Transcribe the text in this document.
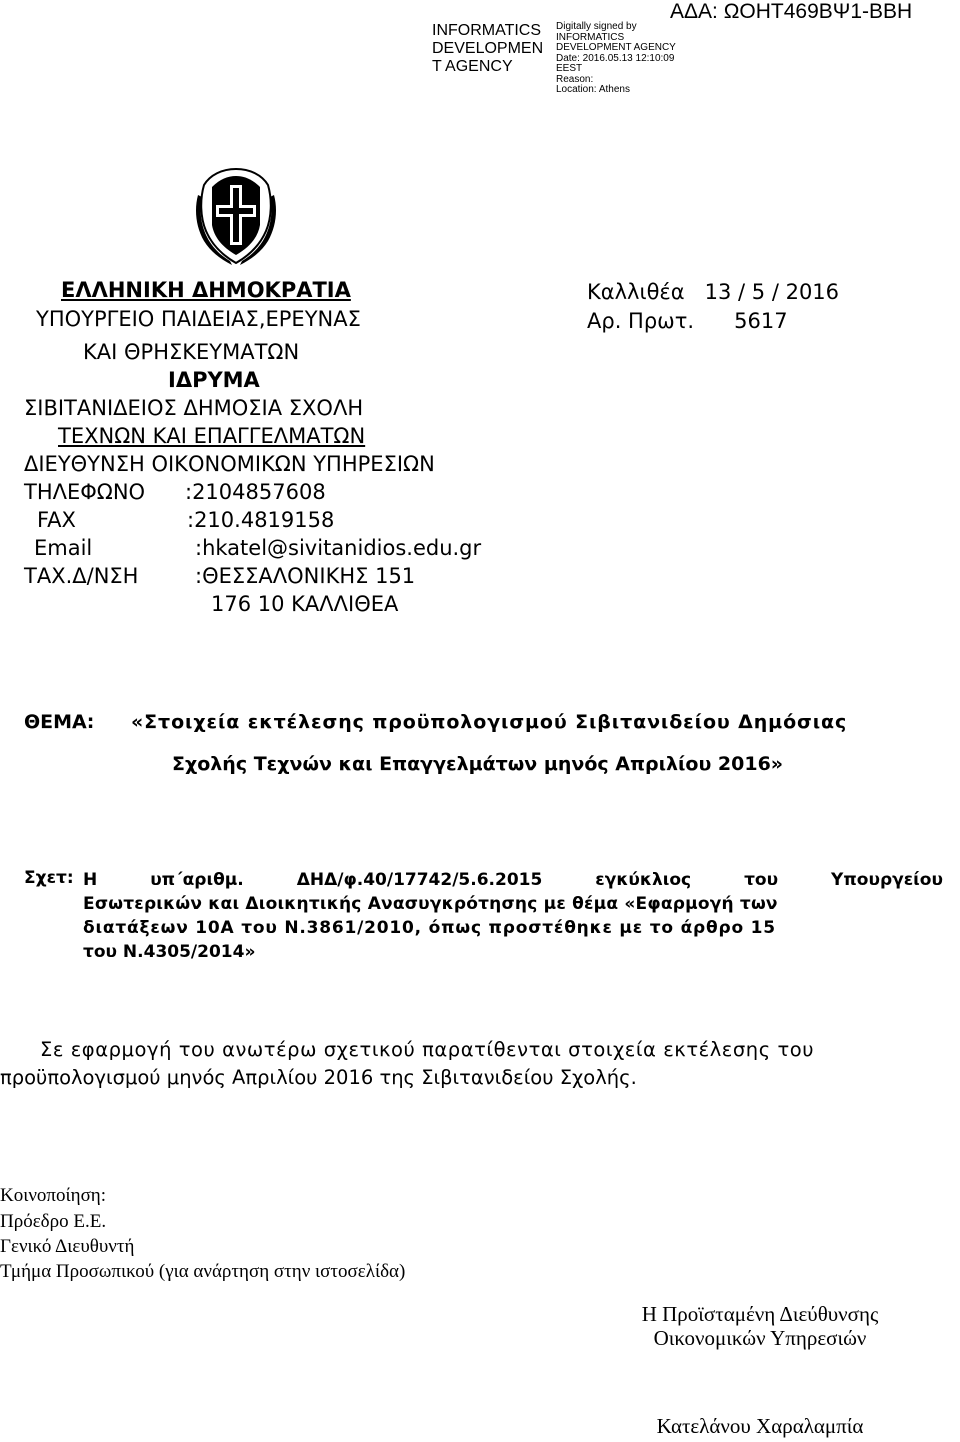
INFORMATICS
DEVELOPMEN
T AGENCY
Digitally signed by
INFORMATICS
DEVELOPMENT AGENCY
Date: 2016.05.13 12:10:09
EEST
Reason:
Location: Athens
ΑΔΑ: ΩΟΗΤ469ΒΨ1-ΒΒΗ
ΕΛΛΗΝΙΚΗ ΔΗΜΟΚΡΑΤΙΑ
ΥΠΟΥΡΓΕΙΟ ΠΑΙΔΕΙΑΣ,ΕΡΕΥΝΑΣ
ΚΑΙ ΘΡΗΣΚΕΥΜΑΤΩΝ
ΙΔΡΥΜΑ
ΣΙΒΙΤΑΝΙΔΕΙΟΣ ΔΗΜΟΣΙΑ ΣΧΟΛΗ
ΤΕΧΝΩΝ ΚΑΙ ΕΠΑΓΓΕΛΜΑΤΩΝ
ΔΙΕΥΘΥΝΣΗ ΟΙΚΟΝΟΜΙΚΩΝ ΥΠΗΡΕΣΙΩΝ
ΤΗΛΕΦΩΝΟ :2104857608
FAX	:210.4819158
Email	:hkatel@sivitanidios.edu.gr
ΤΑΧ.Δ/ΝΣΗ	:ΘΕΣΣΑΛΟΝΙΚΗΣ 151
176 10 ΚΑΛΛΙΘΕΑ
Καλλιθέα   13 / 5 / 2016
Αρ. Πρωτ.      5617
ΘΕΜΑ: «Στοιχεία εκτέλεσης προϋπολογισμού Σιβιτανιδείου Δημόσιας
Σχολής Τεχνών και Επαγγελμάτων μηνός Απριλίου 2016»
Σχετ: Η	υπ΄αριθμ.	ΔΗΔ/φ.40/17742/5.6.2015	εγκύκλιος	του	Υπουργείου
Εσωτερικών και Διοικητικής Ανασυγκρότησης με θέμα «Εφαρμογή των
διατάξεων 10Α του Ν.3861/2010, όπως προστέθηκε με το άρθρο 15
του Ν.4305/2014»
Σε εφαρμογή του ανωτέρω σχετικού παρατίθενται στοιχεία εκτέλεσης του
προϋπολογισμού μηνός Απριλίου 2016 της Σιβιτανιδείου Σχολής.
Κοινοποίηση:
Πρόεδρο Ε.Ε.
Γενικό Διευθυντή
Τμήμα Προσωπικού (για ανάρτηση στην ιστοσελίδα)
Η Προϊσταμένη Διεύθυνσης
Οικονομικών Υπηρεσιών
Κατελάνου Χαραλαμπία
